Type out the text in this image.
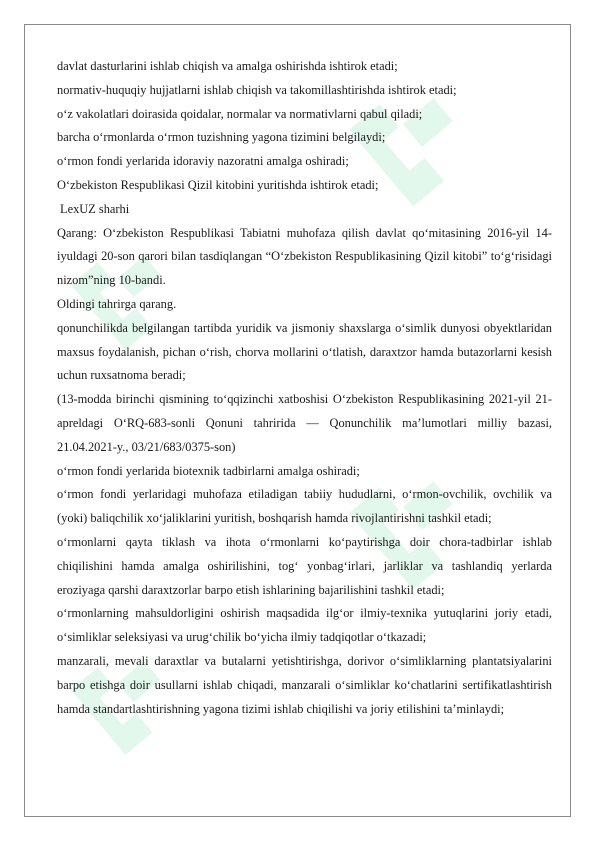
davlat dasturlarini ishlab chiqish va amalga oshirishda ishtirok etadi;

normativ-huquqiy hujjatlarni ishlab chiqish va takomillashtirishda ishtirok etadi;

o‘z vakolatlari doirasida qoidalar, normalar va normativlarni qabul qiladi;

barcha o‘rmonlarda o‘rmon tuzishning yagona tizimini belgilaydi;

o‘rmon fondi yerlarida idoraviy nazoratni amalga oshiradi;

O‘zbekiston Respublikasi Qizil kitobini yuritishda ishtirok etadi;

LexUZ sharhi

Qarang: O‘zbekiston Respublikasi Tabiatni muhofaza qilish davlat qo‘mitasining 2016-yil 14-iyuldagi 20-son qarori bilan tasdiqlangan “O‘zbekiston Respublikasining Qizil kitobi” to‘g‘risidagi nizom”ning 10-bandi.

Oldingi tahrirga qarang.

qonunchilikda belgilangan tartibda yuridik va jismoniy shaxslarga o‘simlik dunyosi obyektlaridan maxsus foydalanish, pichan o‘rish, chorva mollarini o‘tlatish, daraxtzor hamda butazorlarni kesish uchun ruxsatnoma beradi;

(13-modda birinchi qismining to‘qqizinchi xatboshisi O‘zbekiston Respublikasining 2021-yil 21-apreldagi O‘RQ-683-sonli Qonuni tahririda — Qonunchilik ma’lumotlari milliy bazasi, 21.04.2021-y., 03/21/683/0375-son)

o‘rmon fondi yerlarida biotexnik tadbirlarni amalga oshiradi;

o‘rmon fondi yerlaridagi muhofaza etiladigan tabiiy hududlarni, o‘rmon-ovchilik, ovchilik va (yoki) baliqchilik xo‘jaliklarini yuritish, boshqarish hamda rivojlantirishni tashkil etadi;

o‘rmonlarni qayta tiklash va ihota o‘rmonlarni ko‘paytirishga doir chora-tadbirlar ishlab chiqilishini hamda amalga oshirilishini, tog‘ yonbag‘irlari, jarliklar va tashlandiq yerlarda eroziyaga qarshi daraxtzorlar barpo etish ishlarining bajarilishini tashkil etadi;

o‘rmonlarning mahsuldorligini oshirish maqsadida ilg‘or ilmiy-texnika yutuqlarini joriy etadi, o‘simliklar seleksiyasi va urug‘chilik bo‘yicha ilmiy tadqiqotlar o‘tkazadi;

manzarali, mevali daraxtlar va butalarni yetishtirishga, dorivor o‘simliklarning plantatsiyalarini barpo etishga doir usullarni ishlab chiqadi, manzarali o‘simliklar ko‘chatlarini sertifikatlashtirish hamda standartlashtirishning yagona tizimi ishlab chiqilishi va joriy etilishini ta’minlaydi;
